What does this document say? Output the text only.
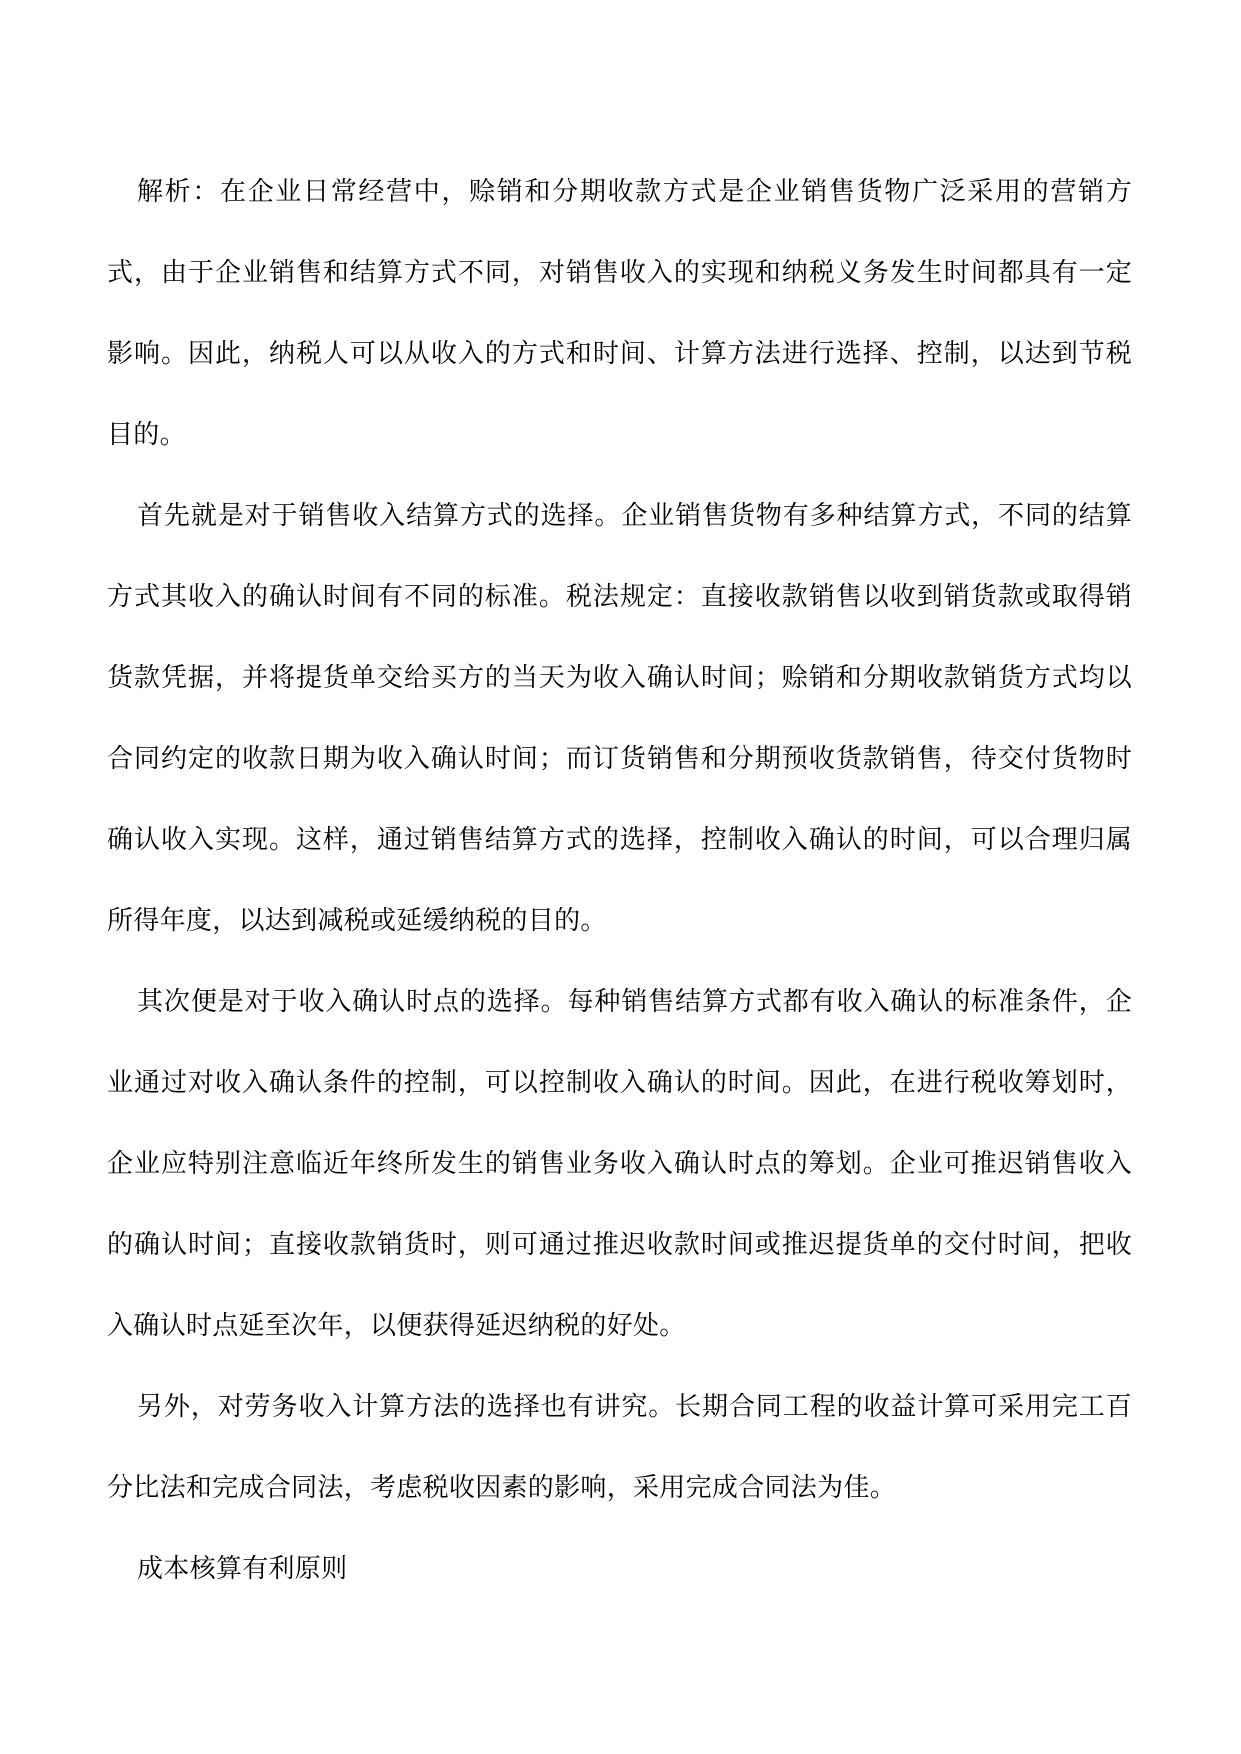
解析：在企业日常经营中，赊销和分期收款方式是企业销售货物广泛采用的营销方式，由于企业销售和结算方式不同，对销售收入的实现和纳税义务发生时间都具有一定影响。因此，纳税人可以从收入的方式和时间、计算方法进行选择、控制，以达到节税目的。

首先就是对于销售收入结算方式的选择。企业销售货物有多种结算方式，不同的结算方式其收入的确认时间有不同的标准。税法规定：直接收款销售以收到销货款或取得销货款凭据，并将提货单交给买方的当天为收入确认时间；赊销和分期收款销货方式均以合同约定的收款日期为收入确认时间；而订货销售和分期预收货款销售，待交付货物时确认收入实现。这样，通过销售结算方式的选择，控制收入确认的时间，可以合理归属所得年度，以达到减税或延缓纳税的目的。

其次便是对于收入确认时点的选择。每种销售结算方式都有收入确认的标准条件，企业通过对收入确认条件的控制，可以控制收入确认的时间。因此，在进行税收筹划时，企业应特别注意临近年终所发生的销售业务收入确认时点的筹划。企业可推迟销售收入的确认时间；直接收款销货时，则可通过推迟收款时间或推迟提货单的交付时间，把收入确认时点延至次年，以便获得延迟纳税的好处。

另外，对劳务收入计算方法的选择也有讲究。长期合同工程的收益计算可采用完工百分比法和完成合同法，考虑税收因素的影响，采用完成合同法为佳。

成本核算有利原则
